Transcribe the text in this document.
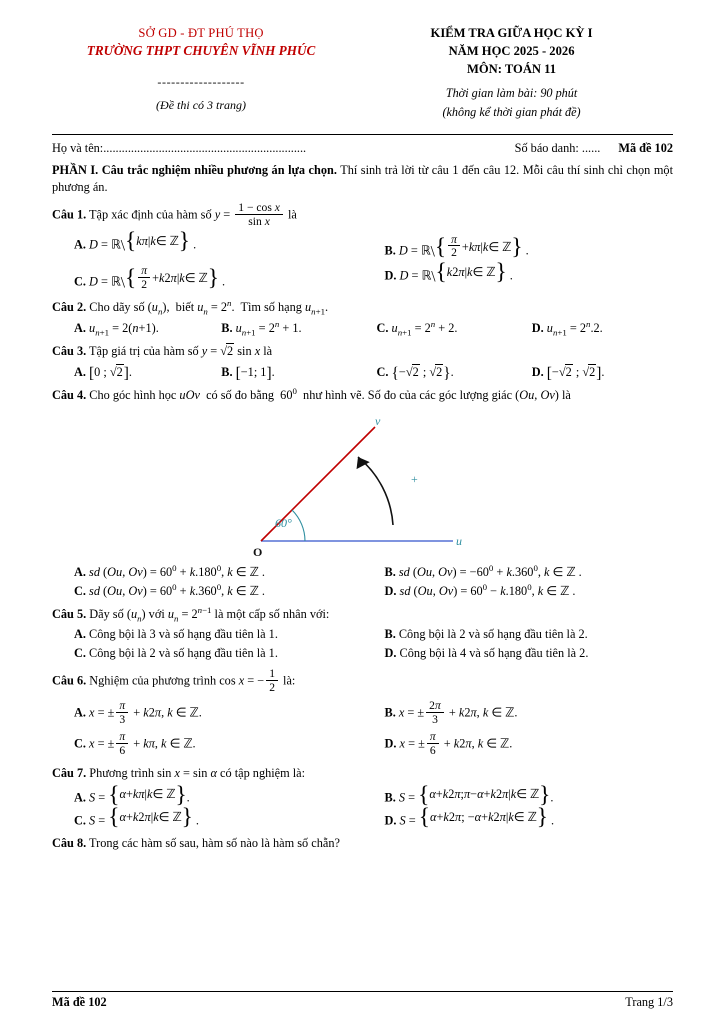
SỞ GD - ĐT PHÚ THỌ
TRƯỜNG THPT CHUYÊN VĨNH PHÚC
-------------------
(Đề thi có 3 trang)
KIỂM TRA GIỮA HỌC KỲ I
NĂM HỌC 2025 - 2026
MÔN: TOÁN 11
Thời gian làm bài: 90 phút
(không kể thời gian phát đề)
Họ và tên: ..................................................................	Số báo danh: ...... Mã đề 102
PHẦN I. Câu trắc nghiệm nhiều phương án lựa chọn. Thí sinh trả lời từ câu 1 đến câu 12. Mỗi câu thí sinh chỉ chọn một phương án.
Câu 1. Tập xác định của hàm số $y = \frac{\text{1 − cos x}}{\text{sin x}}$ là
A. D = ℝ\ { kπ | k ∈ ℤ } .	B. D = ℝ\ { $\frac{\pi}{2} + k\pi$ | k ∈ ℤ } .
C. D = ℝ\ { $\frac{\pi}{2} + k$ 2 π | k ∈ ℤ } .	D. D = ℝ\ { k 2 π | k ∈ ℤ } .
Câu 2. Cho dãy số $(u_n)$,  biết $u_n = 2^n$.  Tìm số hạng $u_{n+1}$.
A. $u_{n+1} = 2(n+1)$.	B. $u_{n+1} = 2^n + 1$.	C. $u_{n+1} = 2^n + 2$.	D. $u_{n+1} = 2^n.2$.
Câu 3. Tập giá trị của hàm số y = √2 sin x là
A. [0 ; √2].	B. [−1; 1].	C. {−√2 ; √2}.	D. [−√2 ; √2].
Câu 4. Cho góc hình học uOv  có số đo bằng  $60^0$  như hình vẽ. Số đo của các góc lượng giác (Ou, Ov) là
60°
O
u
v
+
A. sd (Ou, $Ov) = 60^0 + k.180^0$, k ∈ ℤ .	B. sd (Ou, $Ov) = -60^0 + k.360^0$, k ∈ ℤ .
C. sd (Ou, $Ov) = 60^0 + k.360^0$, k ∈ ℤ .	D. sd (Ou, $Ov) = 60^0 - k.180^0$, k ∈ ℤ .
Câu 5. Dãy số $(u_n)$ với $u_n = 2^{n-1}$ là một cấp số nhân với:
A. Công bội là 3 và số hạng đầu tiên là 1.	B. Công bội là 2 và số hạng đầu tiên là 2.
C. Công bội là 2 và số hạng đầu tiên là 1.	D. Công bội là 4 và số hạng đầu tiên là 2.
Câu 6. Nghiệm của phương trình cos x = − $\frac{1}{2}$ là:
A. x = ± $\frac{\pi}{3} + k2\pi$, k ∈ ℤ.	B. x = ± $\frac{2\pi}{3} + k2\pi$, k ∈ ℤ.
C. x = ± $\frac{\pi}{6} + k\pi$, k ∈ ℤ.	D. x = ± $\frac{\pi}{6} + k2\pi$, k ∈ ℤ.
Câu 7. Phương trình sin x = sin α có tập nghiệm là:
A. S = { α + kπ | k ∈ ℤ } .	B. S = { α + k 2 π ; π − α + k 2 π | k ∈ ℤ } .
C. S = { α + k 2 π | k ∈ ℤ } .	D. S = { α + k 2 π ; − α + k 2 π | k ∈ ℤ } .
Câu 8. Trong các hàm số sau, hàm số nào là hàm số chẵn?
Mã đề 102	Trang 1/3
